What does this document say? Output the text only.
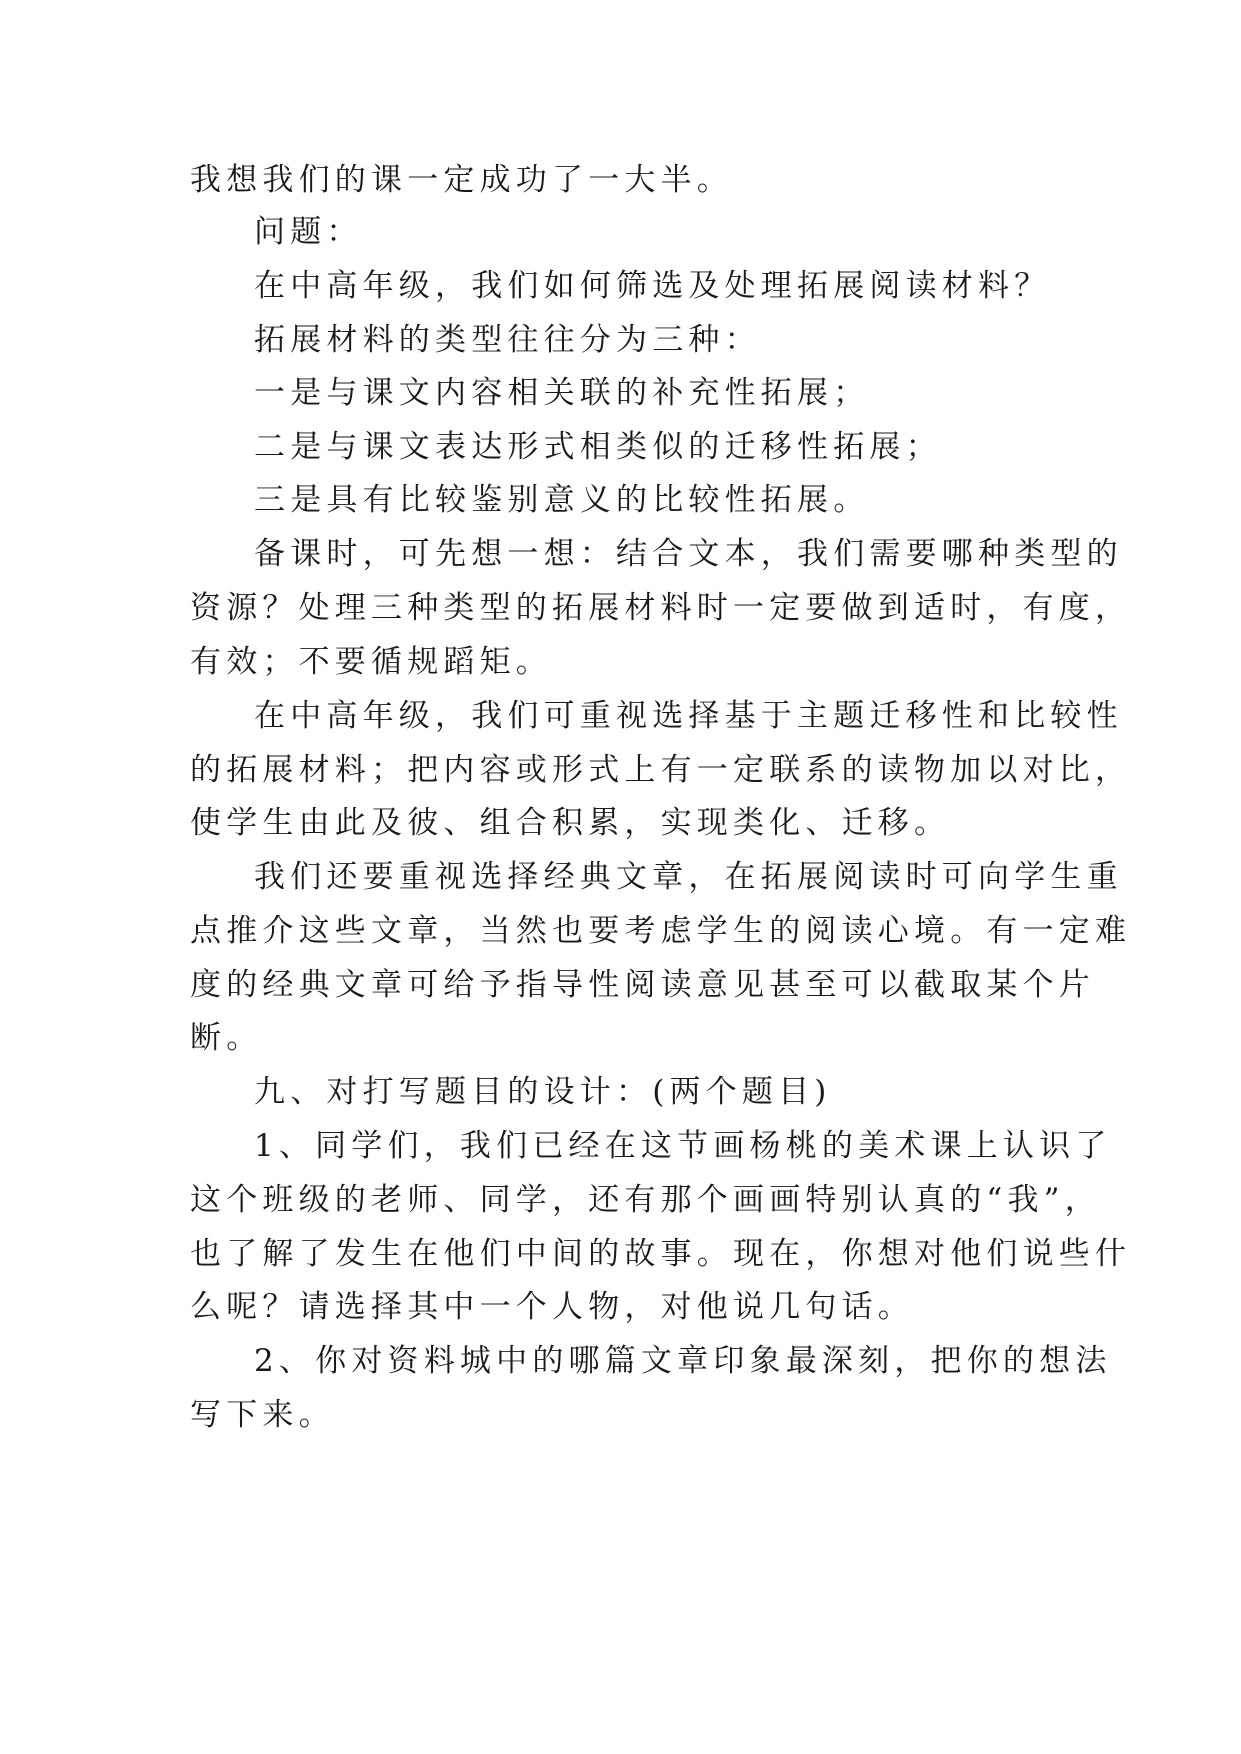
我想我们的课一定成功了一大半。
问题：
在中高年级，我们如何筛选及处理拓展阅读材料？
拓展材料的类型往往分为三种：
一是与课文内容相关联的补充性拓展；
二是与课文表达形式相类似的迁移性拓展；
三是具有比较鉴别意义的比较性拓展。
备课时，可先想一想：结合文本，我们需要哪种类型的
资源？处理三种类型的拓展材料时一定要做到适时，有度，
有效；不要循规蹈矩。
在中高年级，我们可重视选择基于主题迁移性和比较性
的拓展材料；把内容或形式上有一定联系的读物加以对比，
使学生由此及彼、组合积累，实现类化、迁移。
我们还要重视选择经典文章，在拓展阅读时可向学生重
点推介这些文章，当然也要考虑学生的阅读心境。有一定难
度的经典文章可给予指导性阅读意见甚至可以截取某个片
断。
九、对打写题目的设计：(两个题目)
1、同学们，我们已经在这节画杨桃的美术课上认识了
这个班级的老师、同学，还有那个画画特别认真的“我”，
也了解了发生在他们中间的故事。现在，你想对他们说些什
么呢？请选择其中一个人物，对他说几句话。
2、你对资料城中的哪篇文章印象最深刻，把你的想法
写下来。
